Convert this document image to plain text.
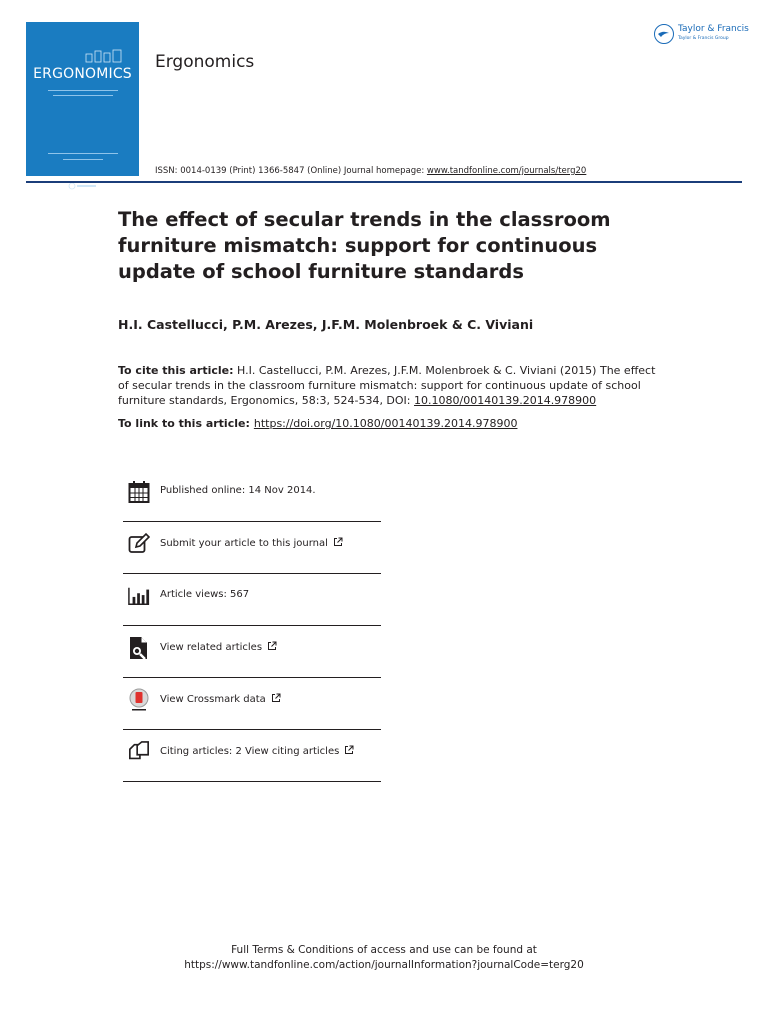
ERGONOMICS
Ergonomics
Taylor & Francis
Taylor & Francis Group
ISSN: 0014-0139 (Print) 1366-5847 (Online) Journal homepage: www.tandfonline.com/journals/terg20
The effect of secular trends in the classroom furniture mismatch: support for continuous update of school furniture standards
H.I. Castellucci, P.M. Arezes, J.F.M. Molenbroek & C. Viviani
To cite this article: H.I. Castellucci, P.M. Arezes, J.F.M. Molenbroek & C. Viviani (2015) The effect of secular trends in the classroom furniture mismatch: support for continuous update of school furniture standards, Ergonomics, 58:3, 524-534, DOI: 10.1080/00140139.2014.978900
To link to this article: https://doi.org/10.1080/00140139.2014.978900
Published online: 14 Nov 2014.
Submit your article to this journal
Article views: 567
View related articles
View Crossmark data
Citing articles: 2 View citing articles
Full Terms & Conditions of access and use can be found at
https://www.tandfonline.com/action/journalInformation?journalCode=terg20
